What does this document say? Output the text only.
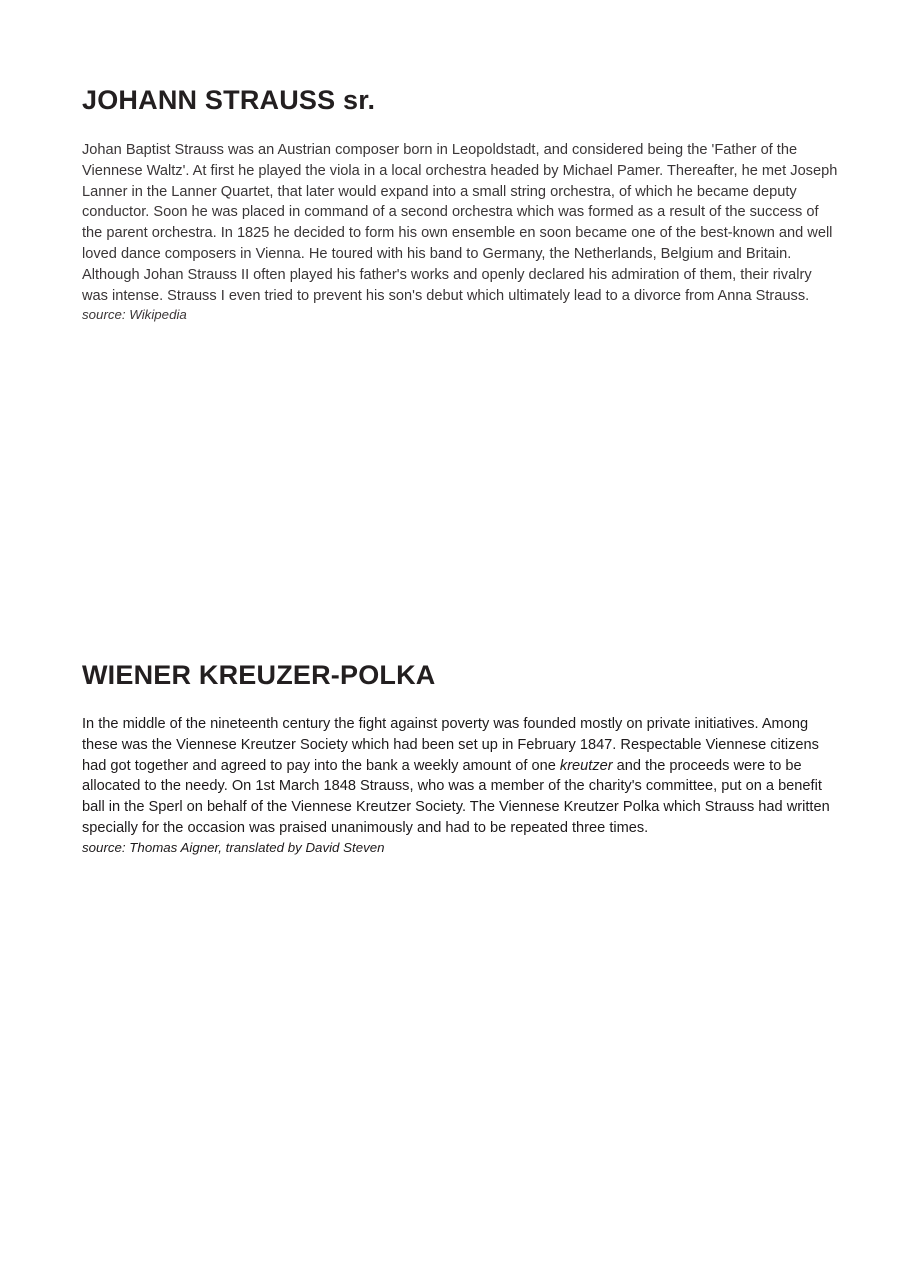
JOHANN STRAUSS sr.

Johan Baptist Strauss was an Austrian composer born in Leopoldstadt, and considered being the 'Father of the Viennese Waltz'. At first he played the viola in a local orchestra headed by Michael Pamer. Thereafter, he met Joseph Lanner in the Lanner Quartet, that later would expand into a small string orchestra, of which he became deputy conductor. Soon he was placed in command of a second orchestra which was formed as a result of the success of the parent orchestra. In 1825 he decided to form his own ensemble en soon became one of the best-known and well loved dance composers in Vienna. He toured with his band to Germany, the Netherlands, Belgium and Britain.

Although Johan Strauss II often played his father's works and openly declared his admiration of them, their rivalry was intense. Strauss I even tried to prevent his son's debut which ultimately lead to a divorce from Anna Strauss.

source: Wikipedia

WIENER KREUZER-POLKA

In the middle of the nineteenth century the fight against poverty was founded mostly on private initiatives. Among these was the Viennese Kreutzer Society which had been set up in February 1847. Respectable Viennese citizens had got together and agreed to pay into the bank a weekly amount of one kreutzer and the proceeds were to be allocated to the needy. On 1st March 1848 Strauss, who was a member of the charity's committee, put on a benefit ball in the Sperl on behalf of the Viennese Kreutzer Society. The Viennese Kreutzer Polka which Strauss had written specially for the occasion was praised unanimously and had to be repeated three times.

source: Thomas Aigner, translated by David Steven
